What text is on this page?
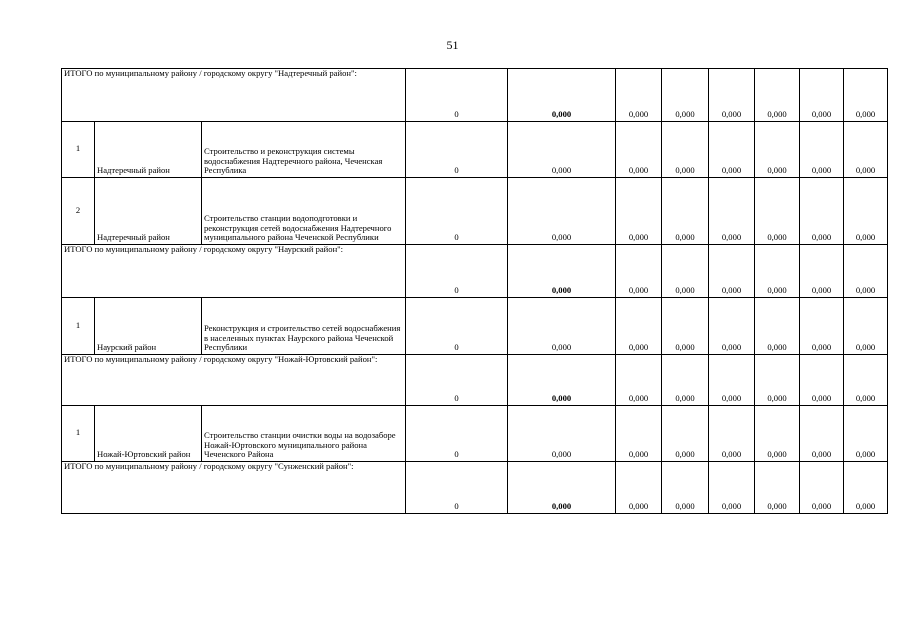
51
ИТОГО по муниципальному району / городскому округу "Надтеречный район":			0	0,000	0,000	0,000	0,000	0,000	0,000	0,000
1	Надтеречный район	Строительство и реконструкция системы водоснабжения Надтеречного района, Чеченская Республика	0	0,000	0,000	0,000	0,000	0,000	0,000	0,000
2	Надтеречный район	Строительство станции водоподготовки и реконструкция сетей водоснабжения Надтеречного муниципального района Чеченской Республики	0	0,000	0,000	0,000	0,000	0,000	0,000	0,000
ИТОГО по муниципальному району / городскому округу "Наурский район":			0	0,000	0,000	0,000	0,000	0,000	0,000	0,000
1	Наурский район	Реконструкция и строительство сетей водоснабжения в населенных пунктах Наурского района Чеченской Республики	0	0,000	0,000	0,000	0,000	0,000	0,000	0,000
ИТОГО по муниципальному району / городскому округу "Ножай-Юртовский район":			0	0,000	0,000	0,000	0,000	0,000	0,000	0,000
1	Ножай-Юртовский район	Строительство станции очистки воды на водозаборе Ножай-Юртовского муниципального района Чеченского Района	0	0,000	0,000	0,000	0,000	0,000	0,000	0,000
ИТОГО по муниципальному району / городскому округу "Сунженский район":			0	0,000	0,000	0,000	0,000	0,000	0,000	0,000
